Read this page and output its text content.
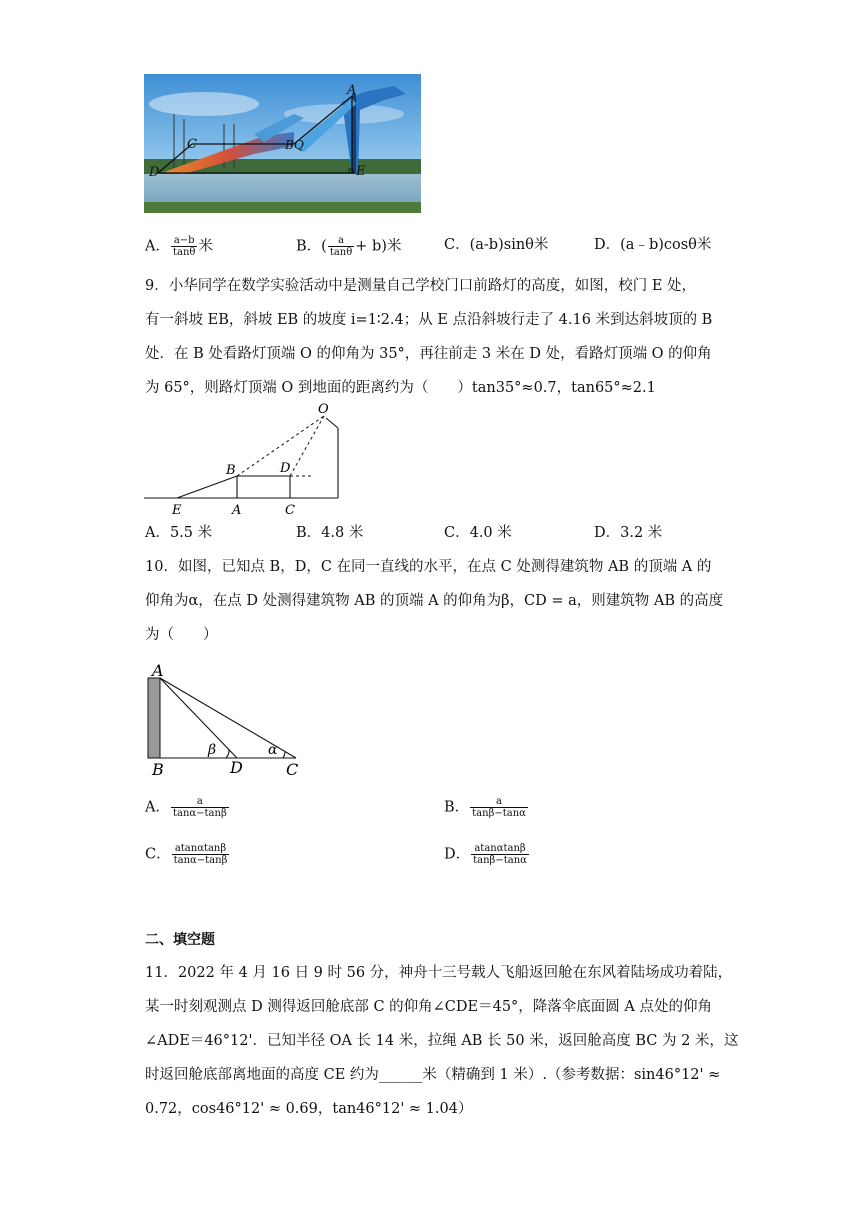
A
C	B Q
D	E
A． $\frac{a-b}{\tan\theta}$ 米	B．( $\frac{a}{\tan\theta} + b$)米	C．(a-b)sinθ米	D．(a﹣b)cosθ米
9．小华同学在数学实验活动中是测量自己学校门口前路灯的高度，如图，校门 E 处，
有一斜坡 EB，斜坡 EB 的坡度 i=1∶2.4；从 E 点沿斜坡行走了 4.16 米到达斜坡顶的 B
处．在 B 处看路灯顶端 O 的仰角为 35°，再往前走 3 米在 D 处，看路灯顶端 O 的仰角
为 65°，则路灯顶端 O 到地面的距离约为（　　）tan35°≈0.7，tan65°≈2.1
O
B	D
E	A	C
A．5.5 米	B．4.8 米	C．4.0 米	D．3.2 米
10．如图，已知点 B，D，C 在同一直线的水平，在点 C 处测得建筑物 AB 的顶端 A 的
仰角为α，在点 D 处测得建筑物 AB 的顶端 A 的仰角为β，CD = a，则建筑物 AB 的高度
为（　　）
A
B	D	C
α
β
A． $\frac{a}{\tan\alpha-\tan\beta}$	B． $\frac{a}{\tan\beta-\tan\alpha}$
C． $\frac{atan\alpha\tan\beta}{\tan\alpha-\tan\beta}$	D． $\frac{atan\alpha\tan\beta}{\tan\beta-\tan\alpha}$
二、填空题
11．2022 年 4 月 16 日 9 时 56 分，神舟十三号载人飞船返回舱在东风着陆场成功着陆，
某一时刻观测点 D 测得返回舱底部 C 的仰角∠CDE＝45°，降落伞底面圆 A 点处的仰角
∠ADE＝46°12'．已知半径 OA 长 14 米，拉绳 AB 长 50 米，返回舱高度 BC 为 2 米，这
时返回舱底部离地面的高度 CE 约为______米（精确到 1 米）.（参考数据：sin46°12' ≈
0.72，cos46°12' ≈ 0.69，tan46°12' ≈ 1.04）
